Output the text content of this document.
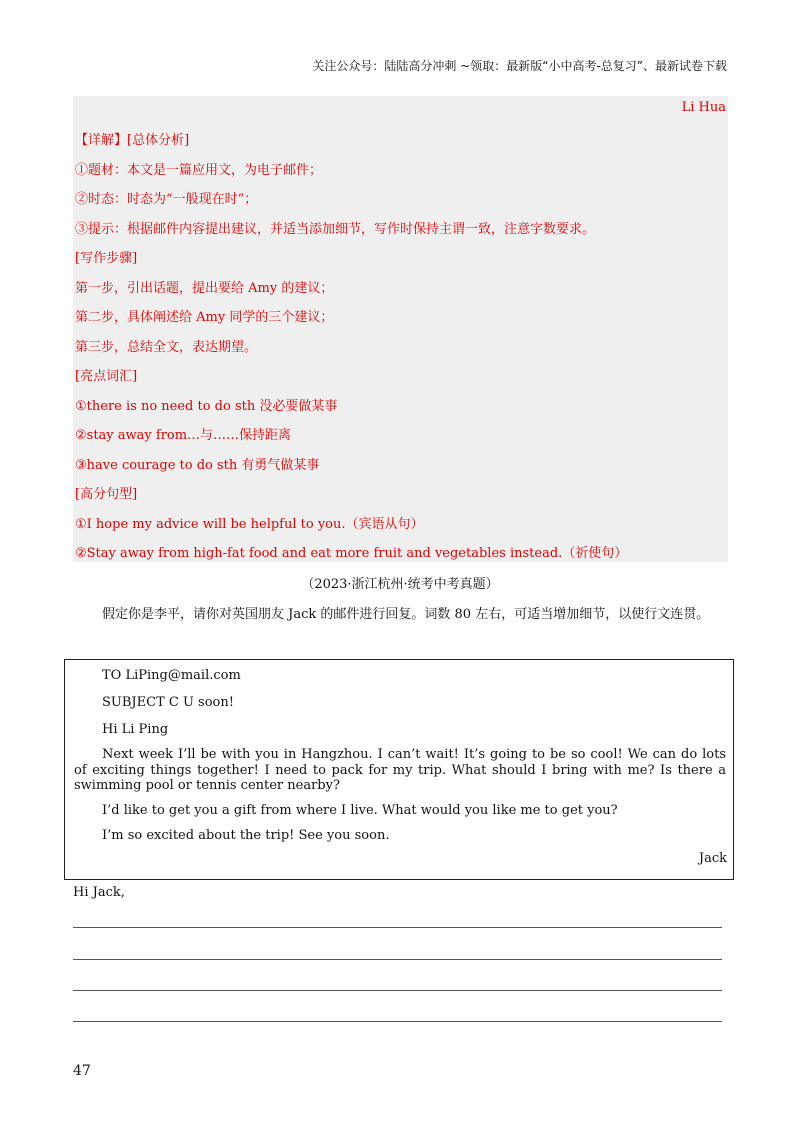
关注公众号：陆陆高分冲刺 ~领取：最新版“小中高考-总复习”、最新试卷下载
Li Hua
【详解】[总体分析]
①题材：本文是一篇应用文，为电子邮件；
②时态：时态为“一般现在时”；
③提示：根据邮件内容提出建议，并适当添加细节，写作时保持主谓一致，注意字数要求。
[写作步骤]
第一步，引出话题，提出要给 Amy 的建议；
第二步，具体阐述给 Amy 同学的三个建议；
第三步，总结全文，表达期望。
[亮点词汇]
①there is no need to do sth 没必要做某事
②stay away from…与……保持距离
③have courage to do sth 有勇气做某事
[高分句型]
①I hope my advice will be helpful to you.（宾语从句）
②Stay away from high-fat food and eat more fruit and vegetables instead.（祈使句）
（2023·浙江杭州·统考中考真题）
假定你是李平，请你对英国朋友 Jack 的邮件进行回复。词数 80 左右，可适当增加细节，以使行文连贯。
TO LiPing@mail.com
SUBJECT C U soon!
Hi Li Ping
Next week I’ll be with you in Hangzhou. I can’t wait! It’s going to be so cool! We can do lots of exciting things together! I need to pack for my trip. What should I bring with me? Is there a swimming pool or tennis center nearby?
I’d like to get you a gift from where I live. What would you like me to get you?
I’m so excited about the trip! See you soon.
Jack
Hi Jack,
47
